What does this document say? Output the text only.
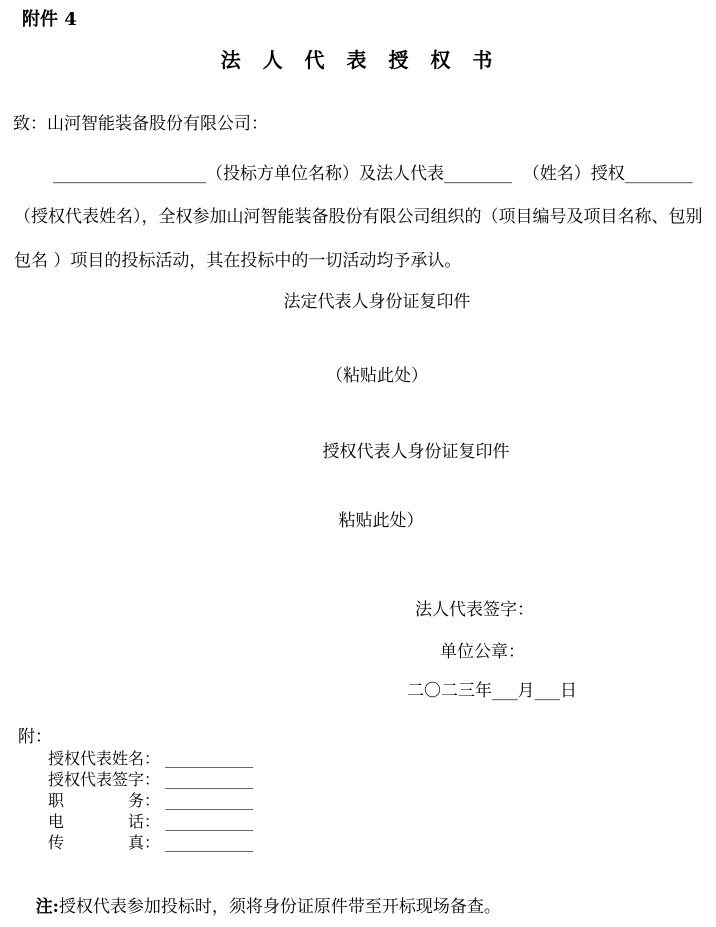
附件 4
法 人 代 表 授 权 书
致：山河智能装备股份有限公司：
__________________（投标方单位名称）及法人代表________  （姓名）授权________
（授权代表姓名），全权参加山河智能装备股份有限公司组织的（项目编号及项目名称、包别
包名 ）项目的投标活动，其在投标中的一切活动均予承认。
法定代表人身份证复印件
（粘贴此处）
授权代表人身份证复印件
粘贴此处）
法人代表签字：
单位公章：
二〇二三年___月___日
附：
授权代表姓名： ___________
授权代表签字： ___________
职　　　　务： ___________
电　　　　话： ___________
传　　　　真： ___________

注:授权代表参加投标时，须将身份证原件带至开标现场备查。
